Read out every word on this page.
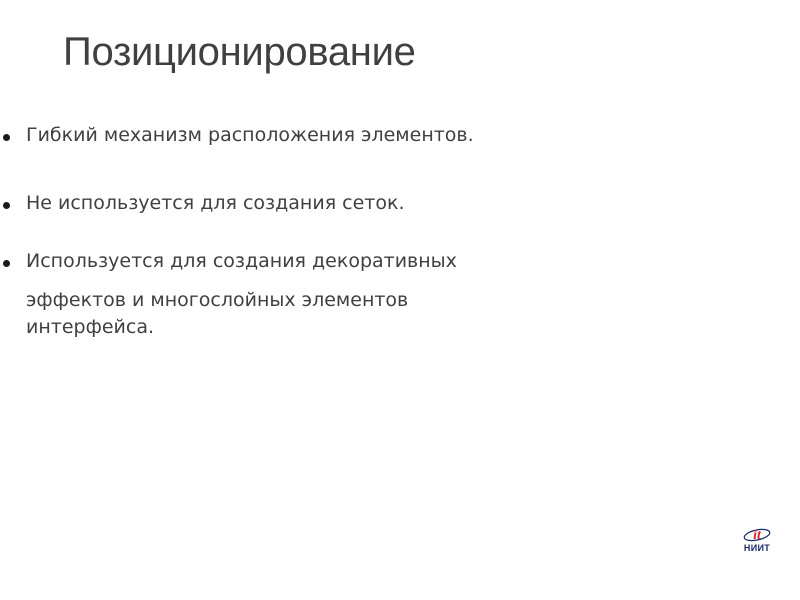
Позиционирование
Гибкий механизм расположения элементов.
Не используется для создания сеток.
Используется для создания декоративных
эффектов и многослойных элементов
интерфейса.
it
НИИТ
